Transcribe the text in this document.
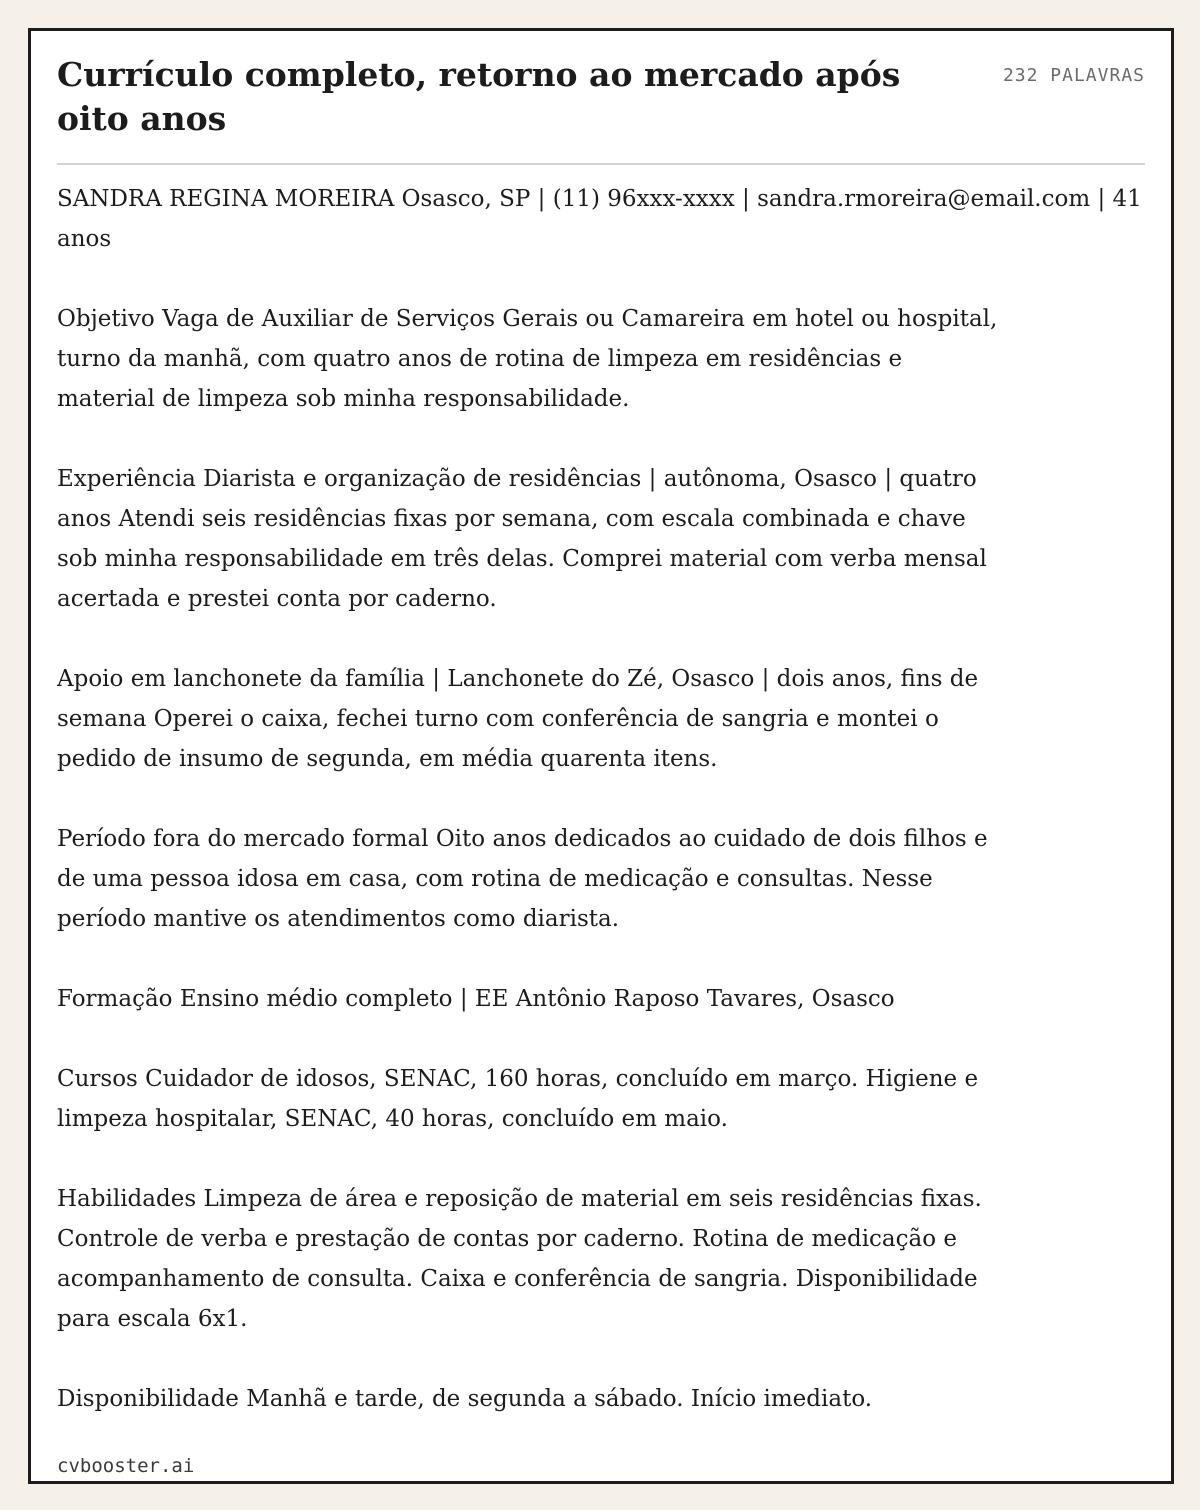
Currículo completo, retorno ao mercado após oito anos
232 PALAVRAS

SANDRA REGINA MOREIRA Osasco, SP | (11) 96xxx-xxxx | sandra.rmoreira@email.com | 41 anos

Objetivo Vaga de Auxiliar de Serviços Gerais ou Camareira em hotel ou hospital, turno da manhã, com quatro anos de rotina de limpeza em residências e material de limpeza sob minha responsabilidade.

Experiência Diarista e organização de residências | autônoma, Osasco | quatro anos Atendi seis residências fixas por semana, com escala combinada e chave sob minha responsabilidade em três delas. Comprei material com verba mensal acertada e prestei conta por caderno.

Apoio em lanchonete da família | Lanchonete do Zé, Osasco | dois anos, fins de semana Operei o caixa, fechei turno com conferência de sangria e montei o pedido de insumo de segunda, em média quarenta itens.

Período fora do mercado formal Oito anos dedicados ao cuidado de dois filhos e de uma pessoa idosa em casa, com rotina de medicação e consultas. Nesse período mantive os atendimentos como diarista.

Formação Ensino médio completo | EE Antônio Raposo Tavares, Osasco

Cursos Cuidador de idosos, SENAC, 160 horas, concluído em março. Higiene e limpeza hospitalar, SENAC, 40 horas, concluído em maio.

Habilidades Limpeza de área e reposição de material em seis residências fixas. Controle de verba e prestação de contas por caderno. Rotina de medicação e acompanhamento de consulta. Caixa e conferência de sangria. Disponibilidade para escala 6x1.

Disponibilidade Manhã e tarde, de segunda a sábado. Início imediato.

cvbooster.ai
